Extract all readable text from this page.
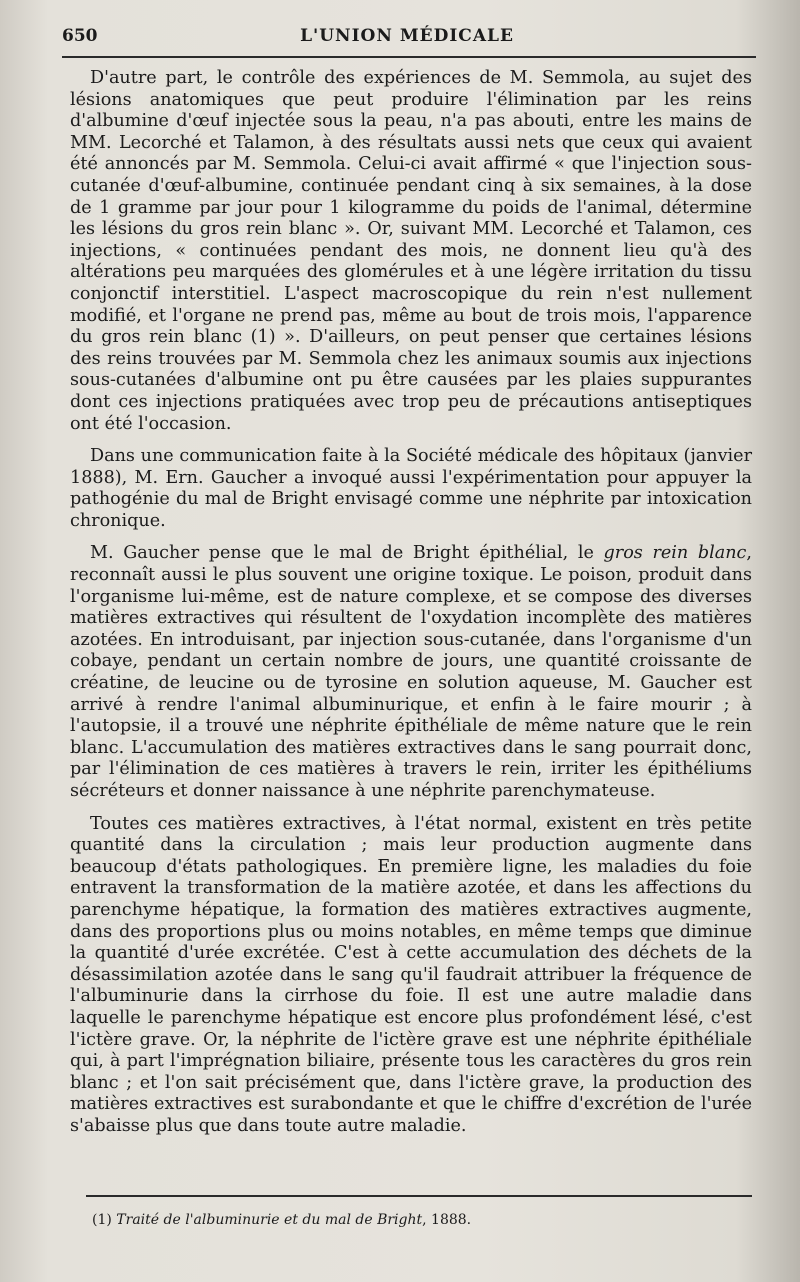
650	L'UNION MÉDICALE

D'autre part, le contrôle des expériences de M. Semmola, au sujet des lésions anatomiques que peut produire l'élimination par les reins d'albumine d'œuf injectée sous la peau, n'a pas abouti, entre les mains de MM. Lecorché et Talamon, à des résultats aussi nets que ceux qui avaient été annoncés par M. Semmola. Celui-ci avait affirmé « que l'injection sous-cutanée d'œuf-albumine, continuée pendant cinq à six semaines, à la dose de 1 gramme par jour pour 1 kilogramme du poids de l'animal, détermine les lésions du gros rein blanc ». Or, suivant MM. Lecorché et Talamon, ces injections, « continuées pendant des mois, ne donnent lieu qu'à des altérations peu marquées des glomérules et à une légère irritation du tissu conjonctif interstitiel. L'aspect macroscopique du rein n'est nullement modifié, et l'organe ne prend pas, même au bout de trois mois, l'apparence du gros rein blanc (1) ». D'ailleurs, on peut penser que certaines lésions des reins trouvées par M. Semmola chez les animaux soumis aux injections sous-cutanées d'albumine ont pu être causées par les plaies suppurantes dont ces injections pratiquées avec trop peu de précautions antiseptiques ont été l'occasion.

Dans une communication faite à la Société médicale des hôpitaux (janvier 1888), M. Ern. Gaucher a invoqué aussi l'expérimentation pour appuyer la pathogénie du mal de Bright envisagé comme une néphrite par intoxication chronique.

M. Gaucher pense que le mal de Bright épithélial, le gros rein blanc, reconnaît aussi le plus souvent une origine toxique. Le poison, produit dans l'organisme lui-même, est de nature complexe, et se compose des diverses matières extractives qui résultent de l'oxydation incomplète des matières azotées. En introduisant, par injection sous-cutanée, dans l'organisme d'un cobaye, pendant un certain nombre de jours, une quantité croissante de créatine, de leucine ou de tyrosine en solution aqueuse, M. Gaucher est arrivé à rendre l'animal albuminurique, et enfin à le faire mourir ; à l'autopsie, il a trouvé une néphrite épithéliale de même nature que le rein blanc. L'accumulation des matières extractives dans le sang pourrait donc, par l'élimination de ces matières à travers le rein, irriter les épithéliums sécréteurs et donner naissance à une néphrite parenchymateuse.

Toutes ces matières extractives, à l'état normal, existent en très petite quantité dans la circulation ; mais leur production augmente dans beaucoup d'états pathologiques. En première ligne, les maladies du foie entravent la transformation de la matière azotée, et dans les affections du parenchyme hépatique, la formation des matières extractives augmente, dans des proportions plus ou moins notables, en même temps que diminue la quantité d'urée excrétée. C'est à cette accumulation des déchets de la désassimilation azotée dans le sang qu'il faudrait attribuer la fréquence de l'albuminurie dans la cirrhose du foie. Il est une autre maladie dans laquelle le parenchyme hépatique est encore plus profondément lésé, c'est l'ictère grave. Or, la néphrite de l'ictère grave est une néphrite épithéliale qui, à part l'imprégnation biliaire, présente tous les caractères du gros rein blanc ; et l'on sait précisément que, dans l'ictère grave, la production des matières extractives est surabondante et que le chiffre d'excrétion de l'urée s'abaisse plus que dans toute autre maladie.

(1) Traité de l'albuminurie et du mal de Bright, 1888.
